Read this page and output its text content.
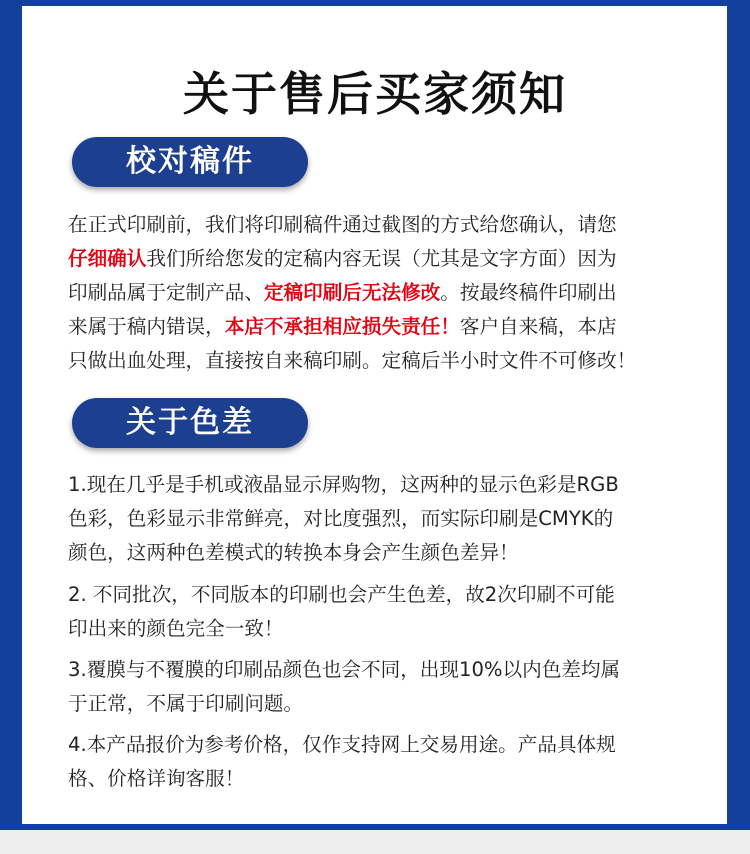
关于售后买家须知
校对稿件
在正式印刷前，我们将印刷稿件通过截图的方式给您确认，请您
仔细确认我们所给您发的定稿内容无误（尤其是文字方面）因为
印刷品属于定制产品、定稿印刷后无法修改。按最终稿件印刷出
来属于稿内错误，本店不承担相应损失责任！客户自来稿，本店
只做出血处理，直接按自来稿印刷。定稿后半小时文件不可修改！
关于色差
1.现在几乎是手机或液晶显示屏购物，这两种的显示色彩是RGB
色彩，色彩显示非常鲜亮，对比度强烈，而实际印刷是CMYK的
颜色，这两种色差模式的转换本身会产生颜色差异！
2. 不同批次，不同版本的印刷也会产生色差，故2次印刷不可能
印出来的颜色完全一致！
3.覆膜与不覆膜的印刷品颜色也会不同，出现10%以内色差均属
于正常，不属于印刷问题。
4.本产品报价为参考价格，仅作支持网上交易用途。产品具体规
格、价格详询客服！
